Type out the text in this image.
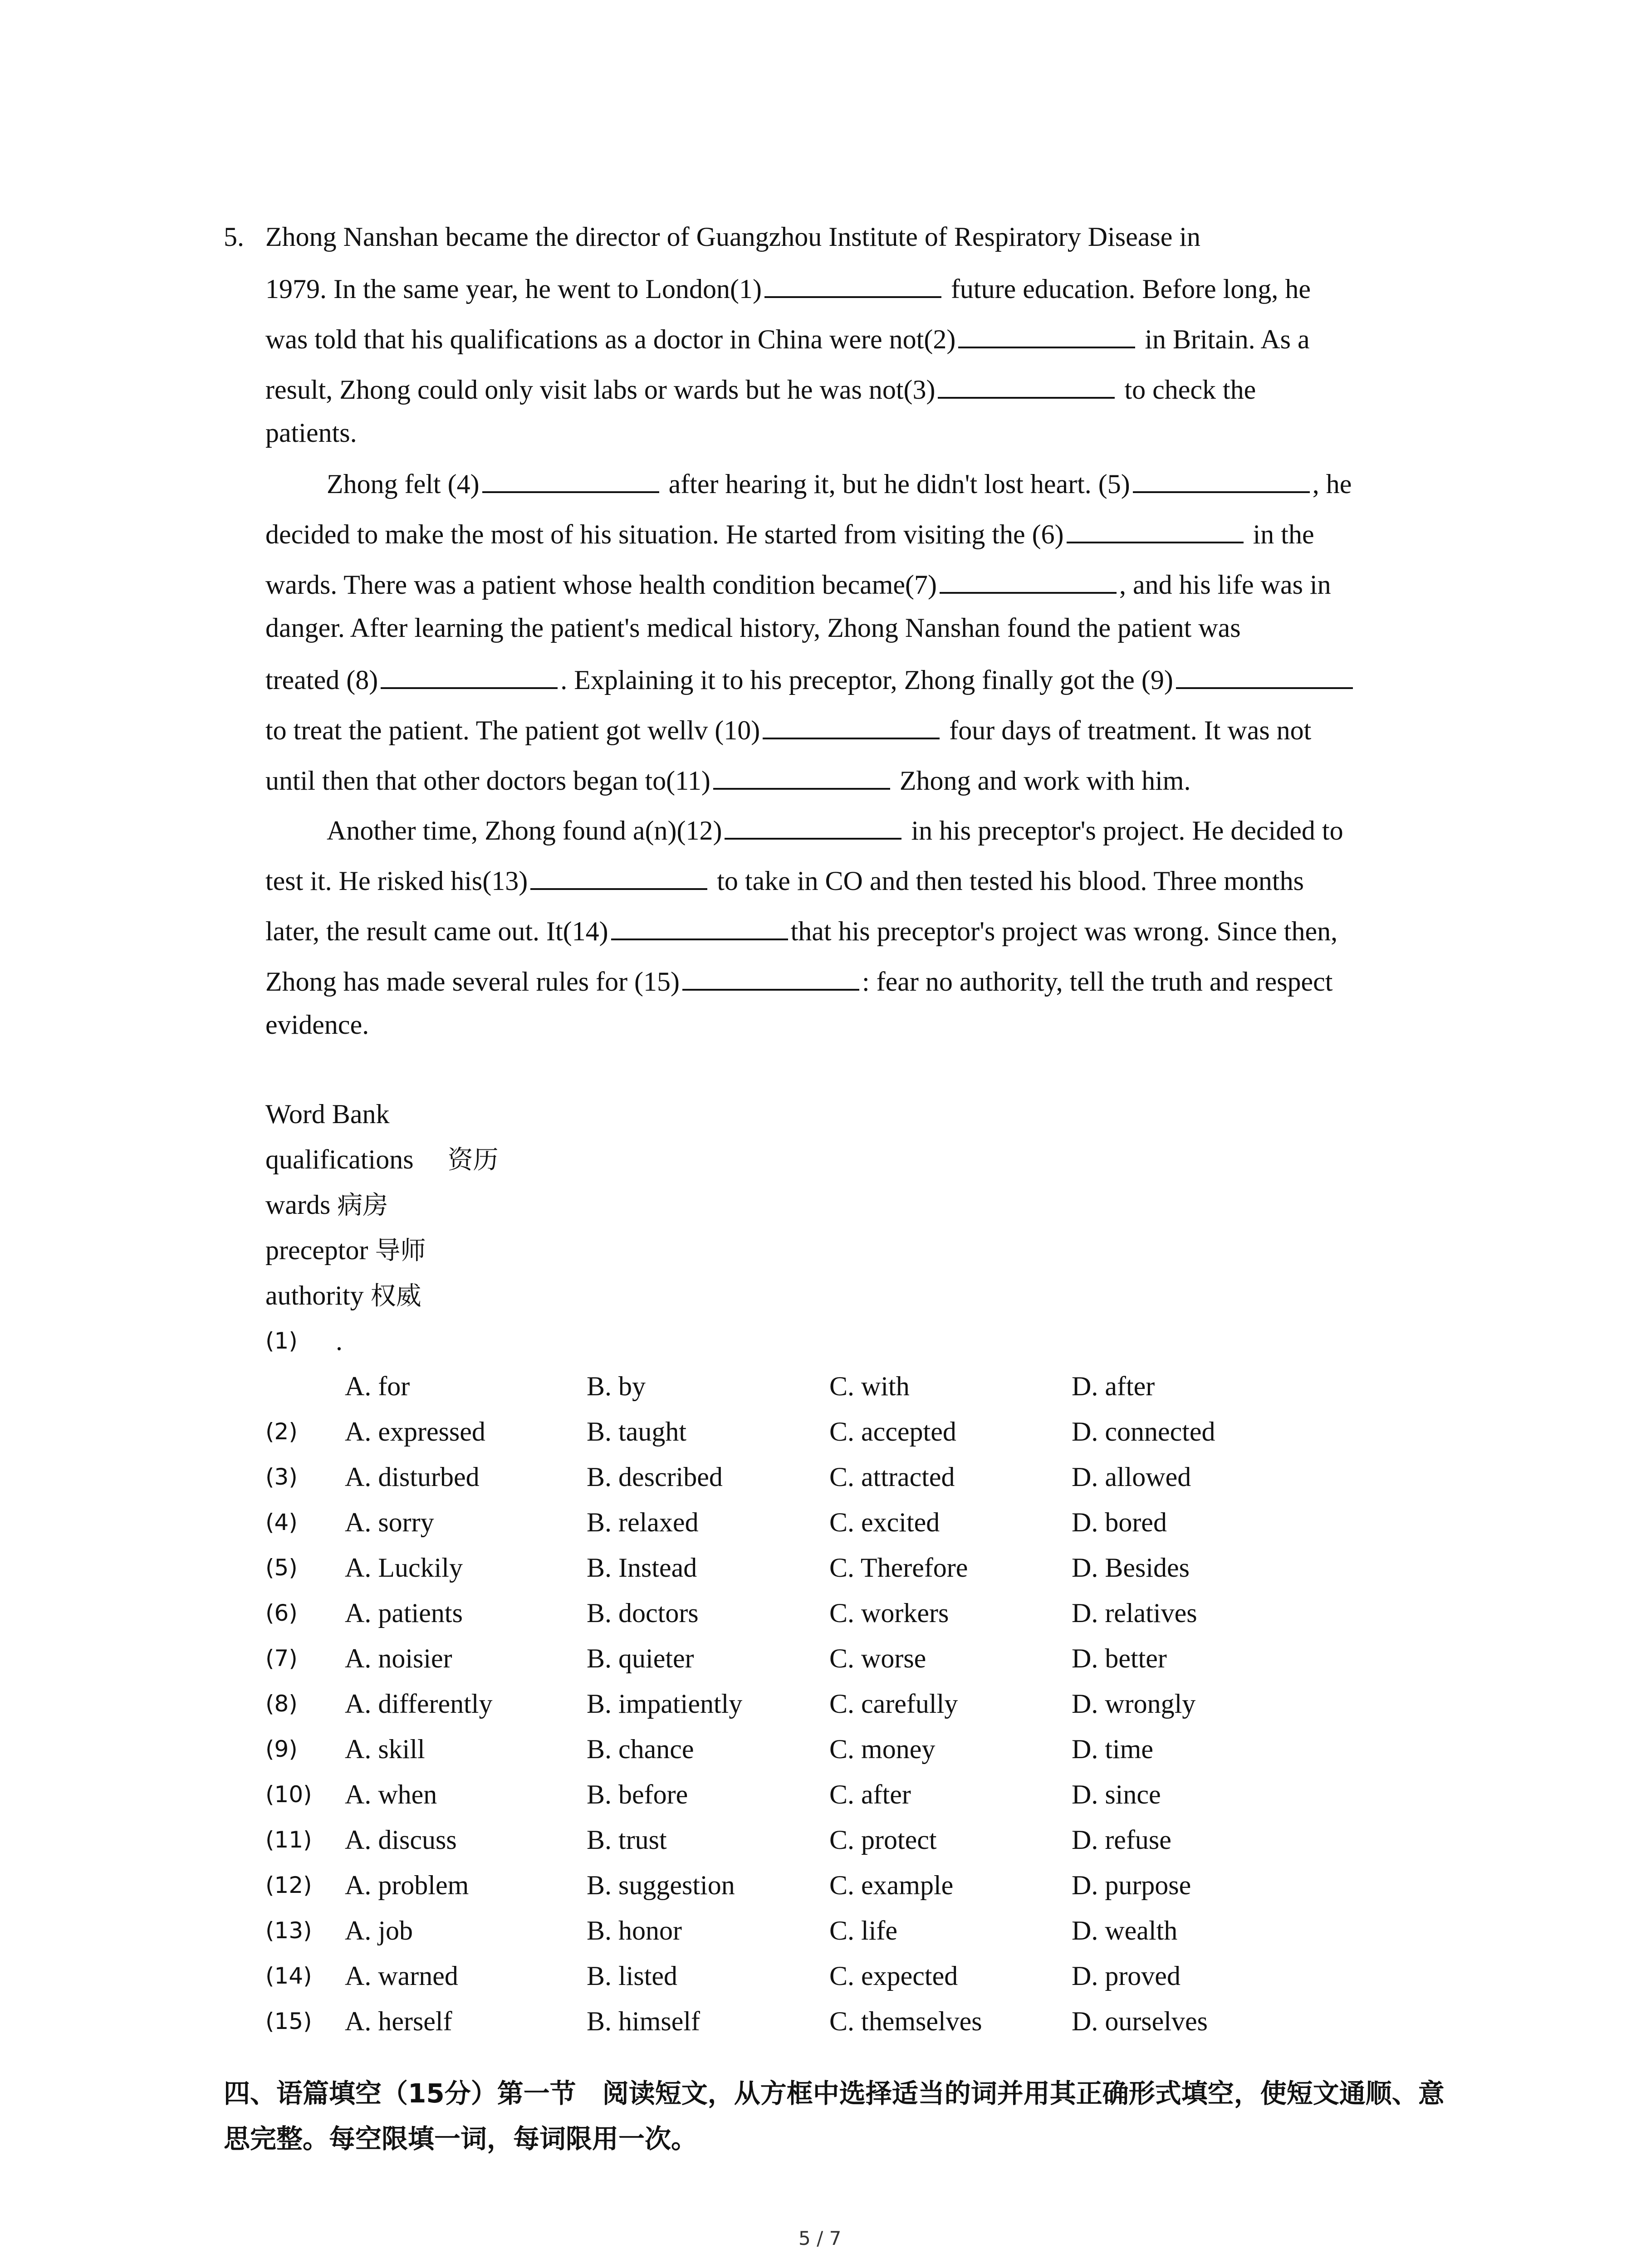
5. Zhong Nanshan became the director of Guangzhou Institute of Respiratory Disease in
1979. In the same year, he went to London(1)	future education. Before long, he
was told that his qualifications as a doctor in China were not(2)	in Britain. As a
result, Zhong could only visit labs or wards but he was not(3)	to check the
patients.
Zhong felt (4)	after hearing it, but he didn't lost heart. (5)	, he
decided to make the most of his situation. He started from visiting the (6)	in the
wards. There was a patient whose health condition became(7)	, and his life was in
danger. After learning the patient's medical history, Zhong Nanshan found the patient was
treated (8)	. Explaining it to his preceptor, Zhong finally got the (9)
to treat the patient. The patient got wellv (10)	four days of treatment. It was not
until then that other doctors began to(11)	Zhong and work with him.
Another time, Zhong found a(n)(12)	in his preceptor's project. He decided to
test it. He risked his(13)	to take in CO and then tested his blood. Three months
later, the result came out. It(14)	that his preceptor's project was wrong. Since then,
Zhong has made several rules for (15)	: fear no authority, tell the truth and respect
evidence.
Word Bank
qualifications  资历
wards 病房
preceptor 导师
authority 权威
(1) .
A. for	B. by	C. with	D. after
(2) A. expressed	B. taught	C. accepted	D. connected
(3) A. disturbed	B. described	C. attracted	D. allowed
(4) A. sorry	B. relaxed	C. excited	D. bored
(5) A. Luckily	B. Instead	C. Therefore	D. Besides
(6) A. patients	B. doctors	C. workers	D. relatives
(7) A. noisier	B. quieter	C. worse	D. better
(8) A. differently	B. impatiently	C. carefully	D. wrongly
(9) A. skill	B. chance	C. money	D. time
(10) A. when	B. before	C. after	D. since
(11) A. discuss	B. trust	C. protect	D. refuse
(12) A. problem	B. suggestion	C. example	D. purpose
(13) A. job	B. honor	C. life	D. wealth
(14) A. warned	B. listed	C. expected	D. proved
(15) A. herself	B. himself	C. themselves	D. ourselves
四、语篇填空（15分）第一节　阅读短文，从方框中选择适当的词并用其正确形式填空，使短文通顺、意思完整。每空限填一词，每词限用一次。
5 / 7
